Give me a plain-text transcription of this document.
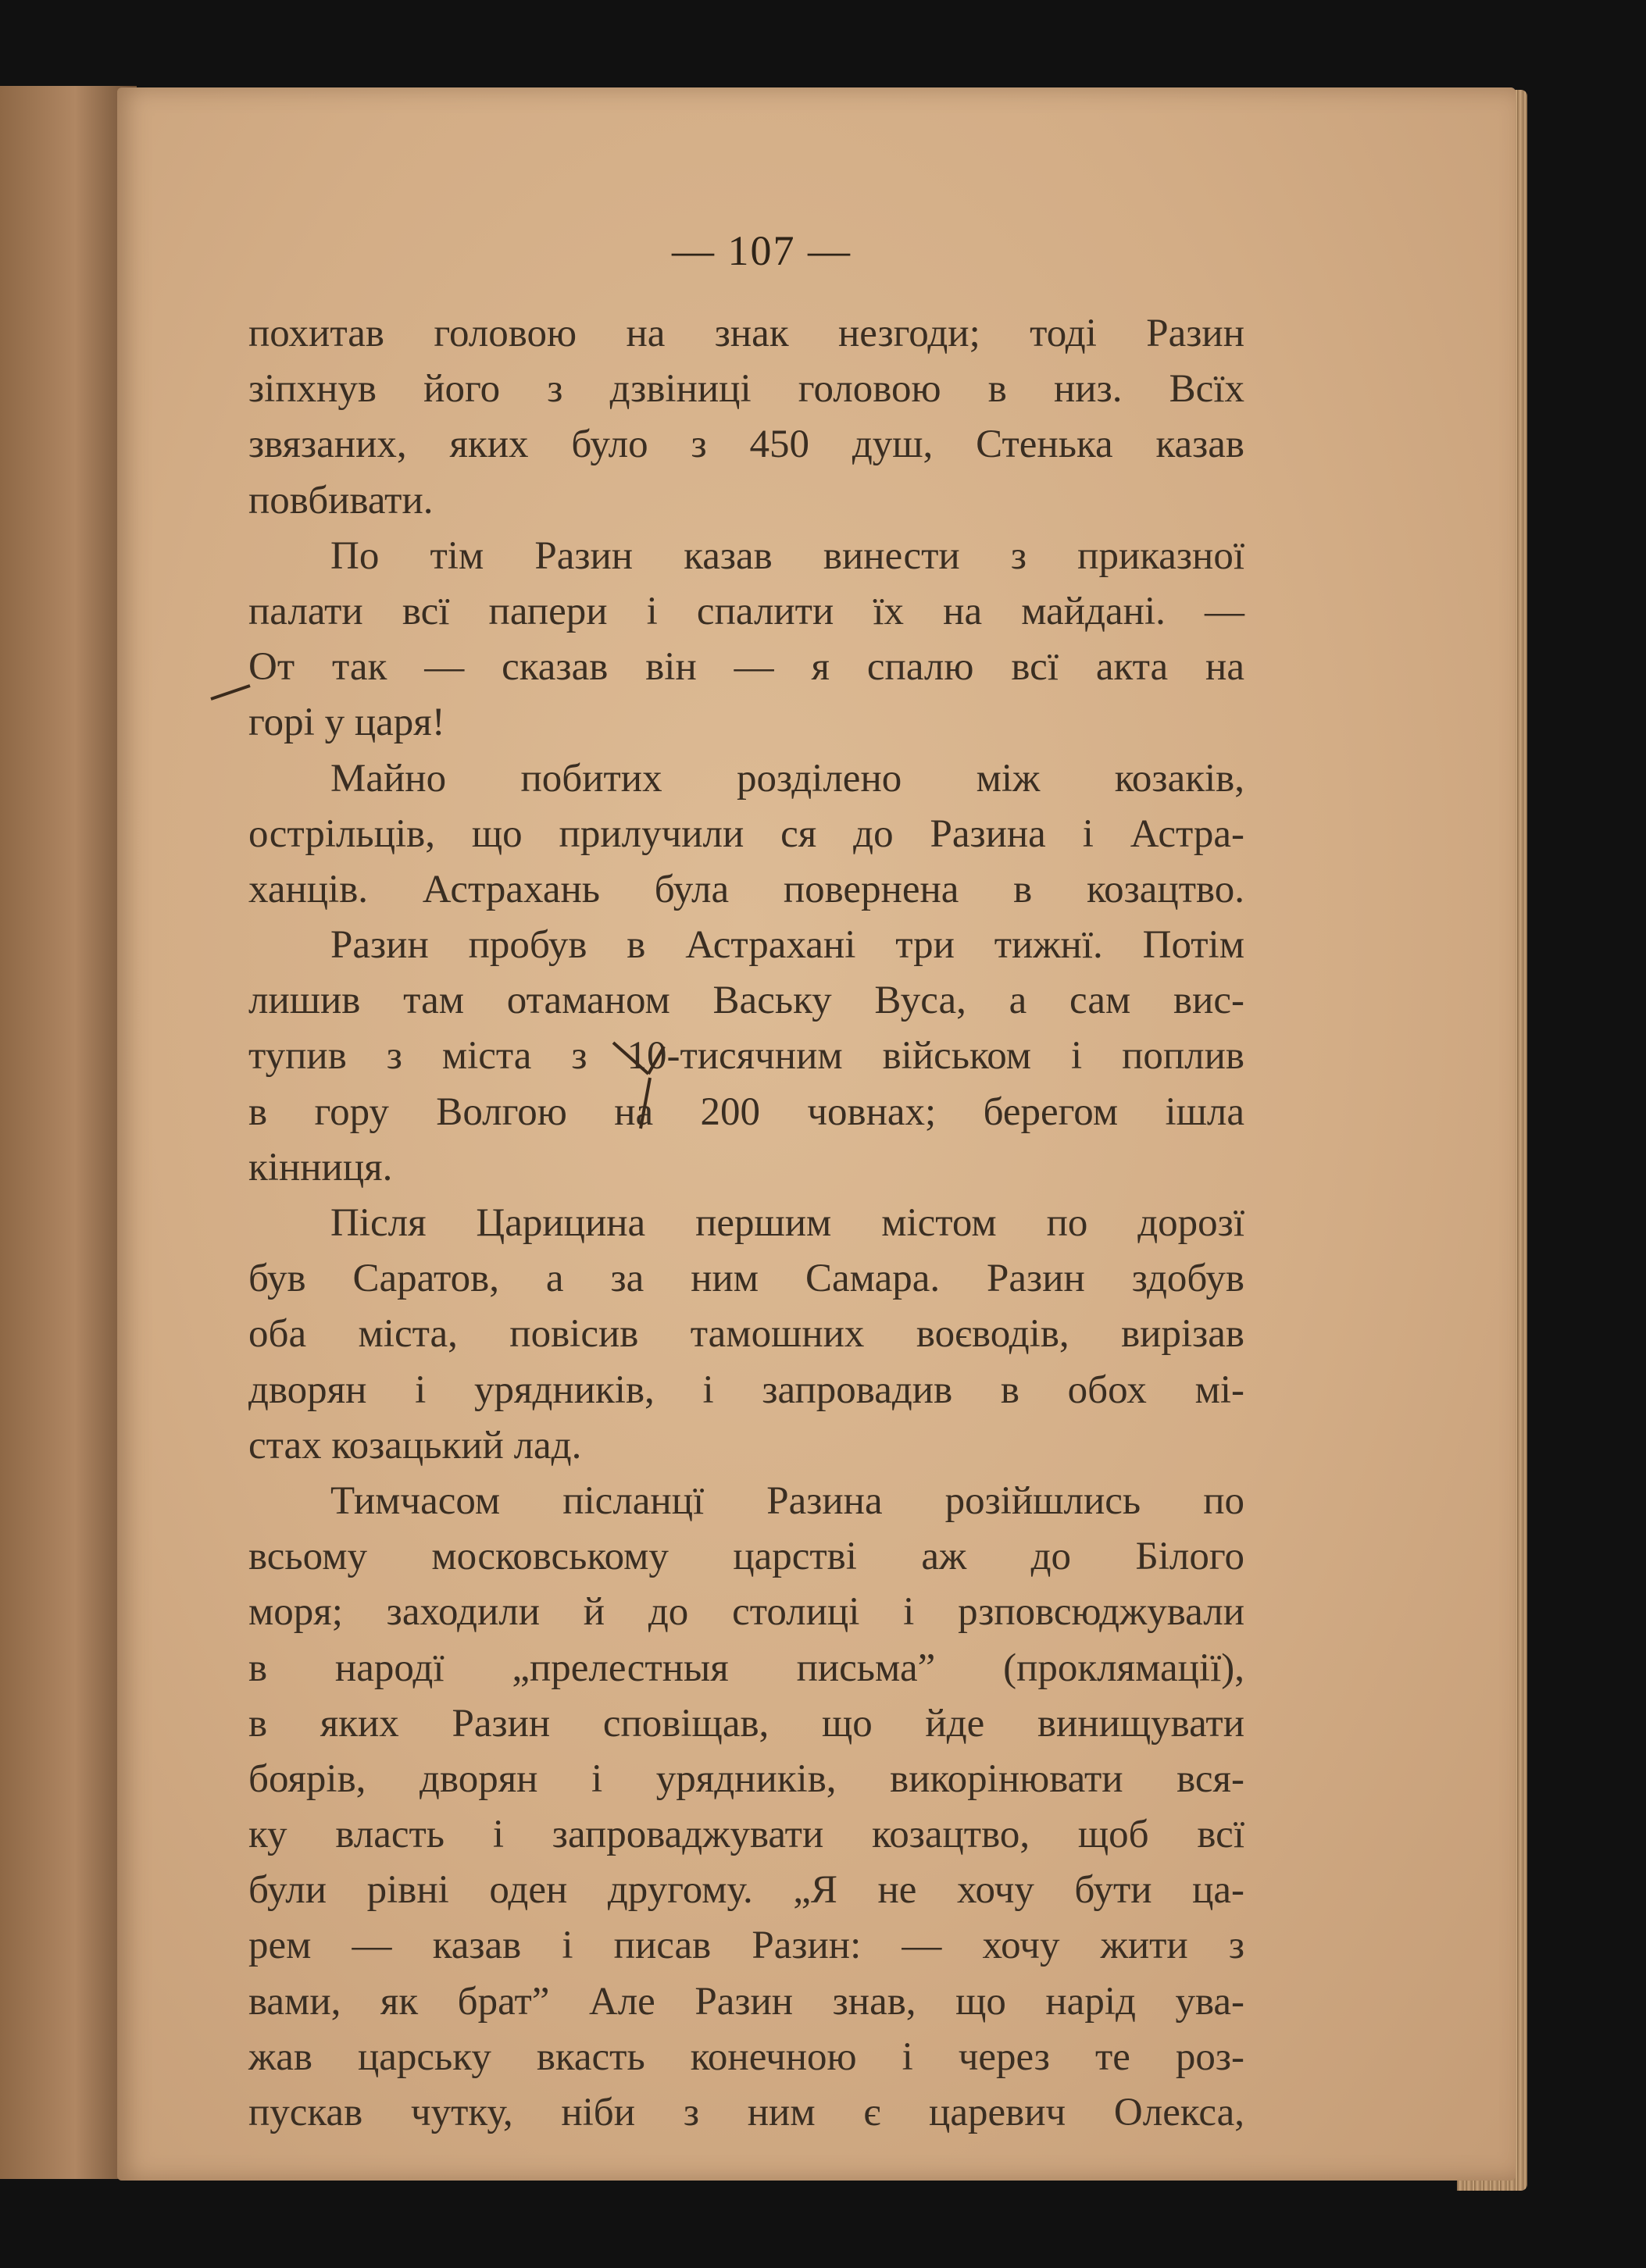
— 107 —
похитав головою на знак незгоди; тоді Разин
зіпхнув його з дзвіниці головою в низ. Всїх
звязаних, яких було з 450 душ, Стенька казав
повбивати.
По тім Разин казав винести з приказної
палати всї папери і спалити їх на майдані. —
От так — сказав він — я спалю всї акта на
горі у царя!
Майно побитих розділено між козаків,
острільців, що прилучили ся до Разина і Астра-
ханців. Астрахань була повернена в козацтво.
Разин пробув в Астрахані три тижнї. Потім
лишив там отаманом Ваську Вуса, а сам вис-
тупив з міста з 10-тисячним військом і поплив
в гору Волгою на 200 човнах; берегом ішла
кінниця.
Після Царицина першим містом по дорозї
був Саратов, а за ним Самара. Разин здобув
оба міста, повісив тамошних воєводів, вирізав
дворян і урядників, і запровадив в обох мі-
стах козацький лад.
Тимчасом післанцї Разина розійшлись по
всьому московському царстві аж до Білого
моря; заходили й до столиці і рзповсюджували
в народї „прелестныя письма” (проклямації),
в яких Разин сповіщав, що йде винищувати
боярів, дворян і урядників, викорінювати вся-
ку власть і запроваджувати козацтво, щоб всї
були рівні оден другому. „Я не хочу бути ца-
рем — казав і писав Разин: — хочу жити з
вами, як брат” Але Разин знав, що нарід ува-
жав царську вкасть конечною і через те роз-
пускав чутку, ніби з ним є царевич Олекса,
